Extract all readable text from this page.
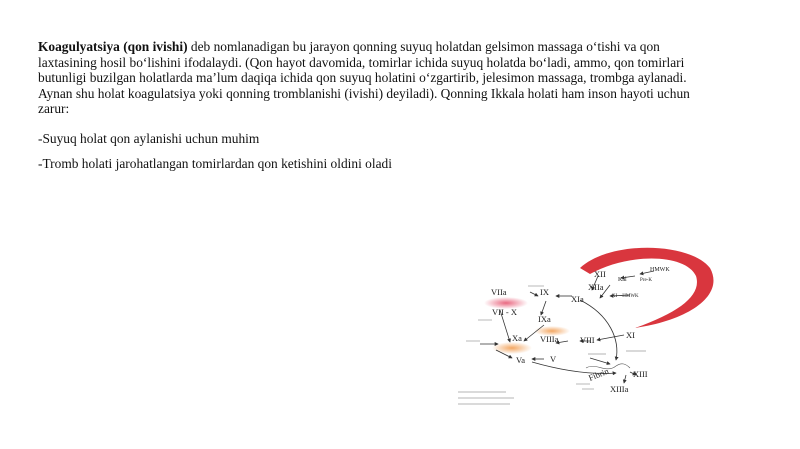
Koagulyatsiya (qon ivishi) deb nomlanadigan bu jarayon qonning suyuq holatdan gelsimon massaga o‘tishi va qon laxtasining hosil bo‘lishini ifodalaydi. (Qon hayot davomida, tomirlar ichida suyuq holatda bo‘ladi, ammo, qon tomirlari butunligi buzilgan holatlarda ma’lum daqiqa ichida qon suyuq holatini o‘zgartirib, jelesimon massaga, trombga aylanadi. Aynan shu holat koagulatsiya yoki qonning tromblanishi (ivishi) deyiladi). Qonning Ikkala holati ham inson hayoti uchun zarur:

-Suyuq holat qon aylanishi uchun muhim

-Tromb holati jarohatlangan tomirlardan qon ketishini oldini oladi

XII	HMWK
Kal	Pre-K
XIIa
XI—HMWK
XIa
IX
VIIa
VII - X
IXa
Xa VIIIa	VIII	XI
Va	V
Fibrin	XIII
XIIIa
